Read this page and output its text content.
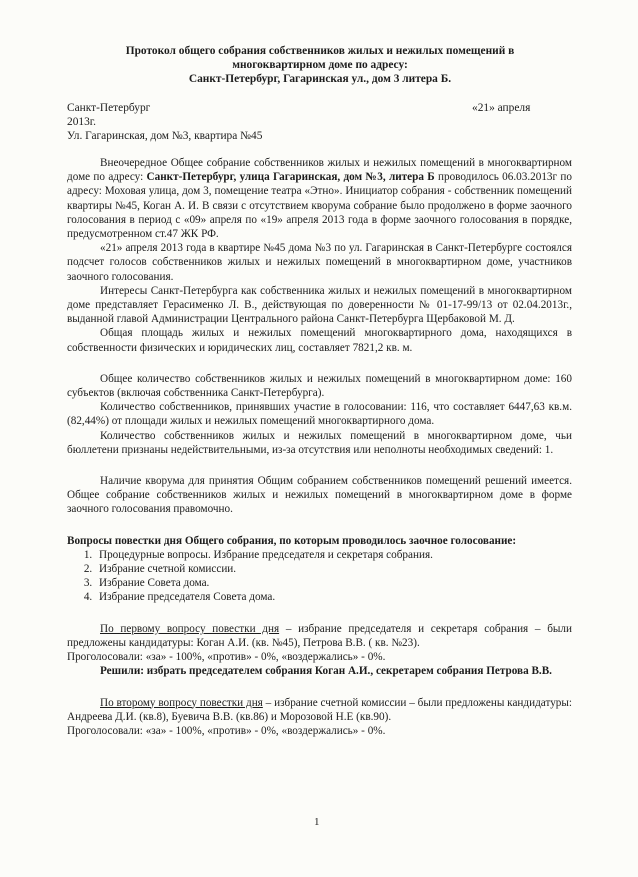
Протокол общего собрания собственников жилых и нежилых помещений в
многоквартирном доме по адресу:
Санкт-Петербург, Гагаринская ул., дом 3 литера Б.
Санкт-Петербург
2013г.
Ул. Гагаринская, дом №3, квартира №45
«21» апреля

Внеочередное Общее собрание собственников жилых и нежилых помещений в многоквартирном доме по адресу: Санкт-Петербург, улица Гагаринская, дом №3, литера Б проводилось 06.03.2013г по адресу: Моховая улица, дом 3, помещение театра «Этно». Инициатор собрания - собственник помещений квартиры №45, Коган А. И. В связи с отсутствием кворума собрание было продолжено в форме заочного голосования в период с «09» апреля по «19» апреля 2013 года в форме заочного голосования в порядке, предусмотренном ст.47 ЖК РФ.

«21» апреля 2013 года в квартире №45 дома №3 по ул. Гагаринская в Санкт-Петербурге состоялся подсчет голосов собственников жилых и нежилых помещений в многоквартирном доме, участников заочного голосования.

Интересы Санкт-Петербурга как собственника жилых и нежилых помещений в многоквартирном доме представляет Герасименко Л. В., действующая по доверенности № 01-17-99/13 от 02.04.2013г., выданной главой Администрации Центрального района Санкт-Петербурга Щербаковой М. Д.

Общая площадь жилых и нежилых помещений многоквартирного дома, находящихся в собственности физических и юридических лиц, составляет 7821,2 кв. м.

Общее количество собственников жилых и нежилых помещений в многоквартирном доме: 160 субъектов (включая собственника Санкт-Петербурга).

Количество собственников, принявших участие в голосовании: 116, что составляет 6447,63 кв.м. (82,44%) от площади жилых и нежилых помещений многоквартирного дома.

Количество собственников жилых и нежилых помещений в многоквартирном доме, чьи бюллетени признаны недействительными, из-за отсутствия или неполноты необходимых сведений: 1.

Наличие кворума для принятия Общим собранием собственников помещений решений имеется. Общее собрание собственников жилых и нежилых помещений в многоквартирном доме в форме заочного голосования правомочно.

Вопросы повестки дня Общего собрания, по которым проводилось заочное голосование:

1. Процедурные вопросы. Избрание председателя и секретаря собрания.
2. Избрание счетной комиссии.
3. Избрание Совета дома.
4. Избрание председателя Совета дома.

По первому вопросу повестки дня – избрание председателя и секретаря собрания – были предложены кандидатуры: Коган А.И. (кв. №45), Петрова В.В. ( кв. №23).

Проголосовали: «за» - 100%, «против» - 0%, «воздержались» - 0%.

Решили: избрать председателем собрания Коган А.И., секретарем собрания Петрова В.В.

По второму вопросу повестки дня – избрание счетной комиссии – были предложены кандидатуры: Андреева Д.И. (кв.8), Буевича В.В. (кв.86) и Морозовой Н.Е (кв.90).

Проголосовали: «за» - 100%, «против» - 0%, «воздержались» - 0%.

1
